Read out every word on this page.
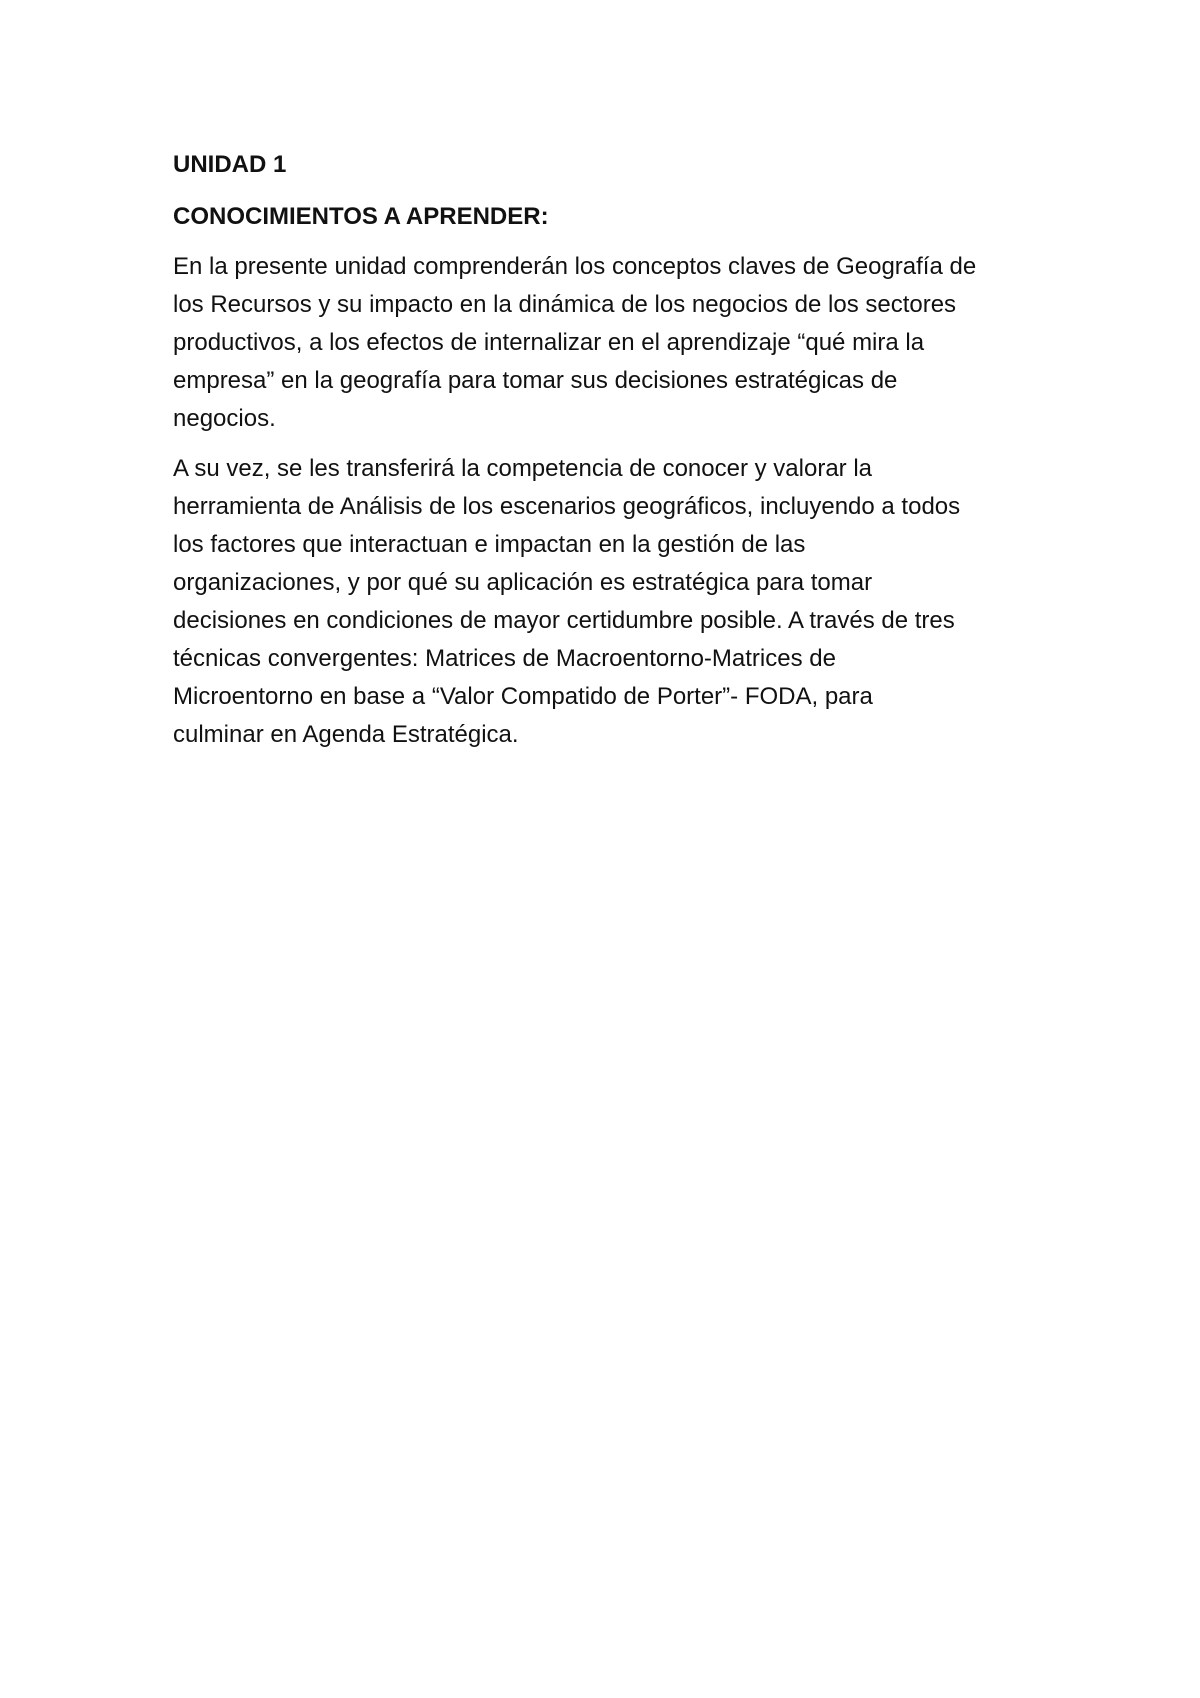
UNIDAD 1
CONOCIMIENTOS A APRENDER:
En la presente unidad comprenderán los conceptos claves de Geografía de
los Recursos y su impacto en la dinámica de los negocios de los sectores
productivos, a los efectos de internalizar en el aprendizaje “qué mira la
empresa” en la geografía para tomar sus decisiones estratégicas de
negocios.
A su vez, se les transferirá la competencia de conocer y valorar la
herramienta de Análisis de los escenarios geográficos, incluyendo a todos
los factores que interactuan e impactan en la gestión de las
organizaciones, y por qué su aplicación es estratégica para tomar
decisiones en condiciones de mayor certidumbre posible. A través de tres
técnicas convergentes: Matrices de Macroentorno-Matrices de
Microentorno en base a “Valor Compatido de Porter”- FODA, para
culminar en Agenda Estratégica.
